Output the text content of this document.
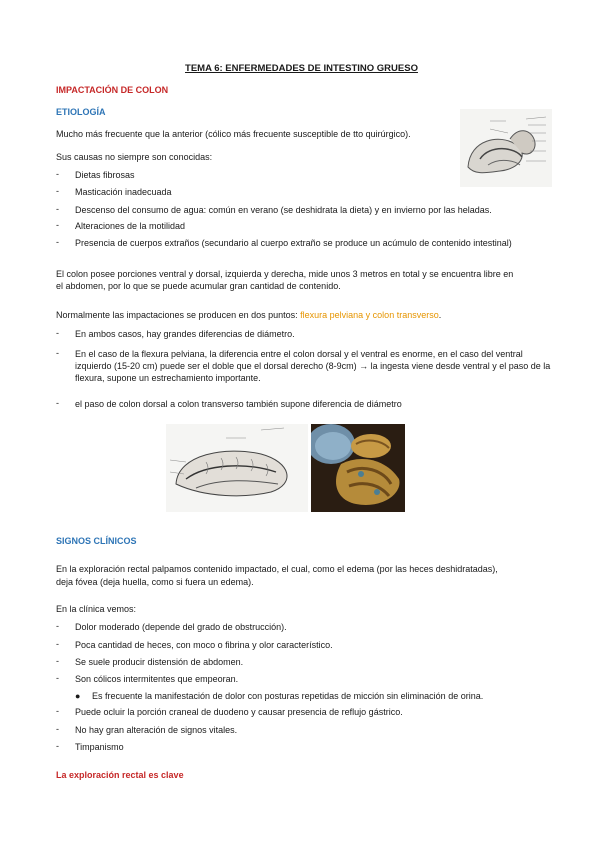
TEMA 6: ENFERMEDADES DE INTESTINO GRUESO
IMPACTACIÓN DE COLON
ETIOLOGÍA
Mucho más frecuente que la anterior (cólico más frecuente susceptible de tto quirúrgico).
Sus causas no siempre son conocidas:
- Dietas fibrosas
- Masticación inadecuada
- Descenso del consumo de agua: común en verano (se deshidrata la dieta) y en invierno por las heladas.
- Alteraciones de la motilidad
- Presencia de cuerpos extraños (secundario al cuerpo extraño se produce un acúmulo de contenido intestinal)
El colon posee porciones ventral y dorsal, izquierda y derecha, mide unos 3 metros en total y se encuentra libre en
el abdomen, por lo que se puede acumular gran cantidad de contenido.
Normalmente las impactaciones se producen en dos puntos: flexura pelviana y colon transverso.
- En ambos casos, hay grandes diferencias de diámetro.
- En el caso de la flexura pelviana, la diferencia entre el colon dorsal y el ventral es enorme, en el caso del ventral izquierdo (15-20 cm) puede ser el doble que el dorsal derecho (8-9cm) → la ingesta viene desde ventral y el paso de la flexura, supone un estrechamiento importante.
- el paso de colon dorsal a colon transverso también supone diferencia de diámetro
SIGNOS CLÍNICOS
En la exploración rectal palpamos contenido impactado, el cual, como el edema (por las heces deshidratadas),
deja fóvea (deja huella, como si fuera un edema).
En la clínica vemos:
- Dolor moderado (depende del grado de obstrucción).
- Poca cantidad de heces, con moco o fibrina y olor característico.
- Se suele producir distensión de abdomen.
- Son cólicos intermitentes que empeoran.
● Es frecuente la manifestación de dolor con posturas repetidas de micción sin eliminación de orina.
- Puede ocluir la porción craneal de duodeno y causar presencia de reflujo gástrico.
- No hay gran alteración de signos vitales.
- Timpanismo
La exploración rectal es clave
